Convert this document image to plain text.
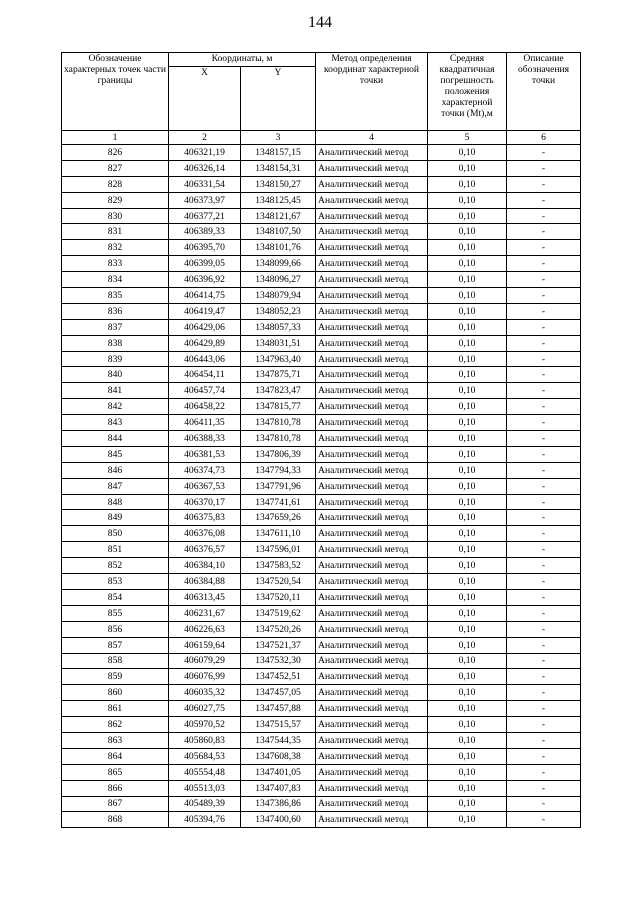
144
Обозначение характерных точек части границы	Координаты, м		Метод определения координат характерной точки	Средняя квадратичная погрешность положения характерной точки (Мt),м	Описание обозначения точки
	X	Y			
1	2	3	4	5	6
826	406321,19	1348157,15	Аналитический метод	0,10	-
827	406326,14	1348154,31	Аналитический метод	0,10	-
828	406331,54	1348150,27	Аналитический метод	0,10	-
829	406373,97	1348125,45	Аналитический метод	0,10	-
830	406377,21	1348121,67	Аналитический метод	0,10	-
831	406389,33	1348107,50	Аналитический метод	0,10	-
832	406395,70	1348101,76	Аналитический метод	0,10	-
833	406399,05	1348099,66	Аналитический метод	0,10	-
834	406396,92	1348096,27	Аналитический метод	0,10	-
835	406414,75	1348079,94	Аналитический метод	0,10	-
836	406419,47	1348052,23	Аналитический метод	0,10	-
837	406429,06	1348057,33	Аналитический метод	0,10	-
838	406429,89	1348031,51	Аналитический метод	0,10	-
839	406443,06	1347963,40	Аналитический метод	0,10	-
840	406454,11	1347875,71	Аналитический метод	0,10	-
841	406457,74	1347823,47	Аналитический метод	0,10	-
842	406458,22	1347815,77	Аналитический метод	0,10	-
843	406411,35	1347810,78	Аналитический метод	0,10	-
844	406388,33	1347810,78	Аналитический метод	0,10	-
845	406381,53	1347806,39	Аналитический метод	0,10	-
846	406374,73	1347794,33	Аналитический метод	0,10	-
847	406367,53	1347791,96	Аналитический метод	0,10	-
848	406370,17	1347741,61	Аналитический метод	0,10	-
849	406375,83	1347659,26	Аналитический метод	0,10	-
850	406376,08	1347611,10	Аналитический метод	0,10	-
851	406376,57	1347596,01	Аналитический метод	0,10	-
852	406384,10	1347583,52	Аналитический метод	0,10	-
853	406384,88	1347520,54	Аналитический метод	0,10	-
854	406313,45	1347520,11	Аналитический метод	0,10	-
855	406231,67	1347519,62	Аналитический метод	0,10	-
856	406226,63	1347520,26	Аналитический метод	0,10	-
857	406159,64	1347521,37	Аналитический метод	0,10	-
858	406079,29	1347532,30	Аналитический метод	0,10	-
859	406076,99	1347452,51	Аналитический метод	0,10	-
860	406035,32	1347457,05	Аналитический метод	0,10	-
861	406027,75	1347457,88	Аналитический метод	0,10	-
862	405970,52	1347515,57	Аналитический метод	0,10	-
863	405860,83	1347544,35	Аналитический метод	0,10	-
864	405684,53	1347608,38	Аналитический метод	0,10	-
865	405554,48	1347401,05	Аналитический метод	0,10	-
866	405513,03	1347407,83	Аналитический метод	0,10	-
867	405489,39	1347386,86	Аналитический метод	0,10	-
868	405394,76	1347400,60	Аналитический метод	0,10	-
